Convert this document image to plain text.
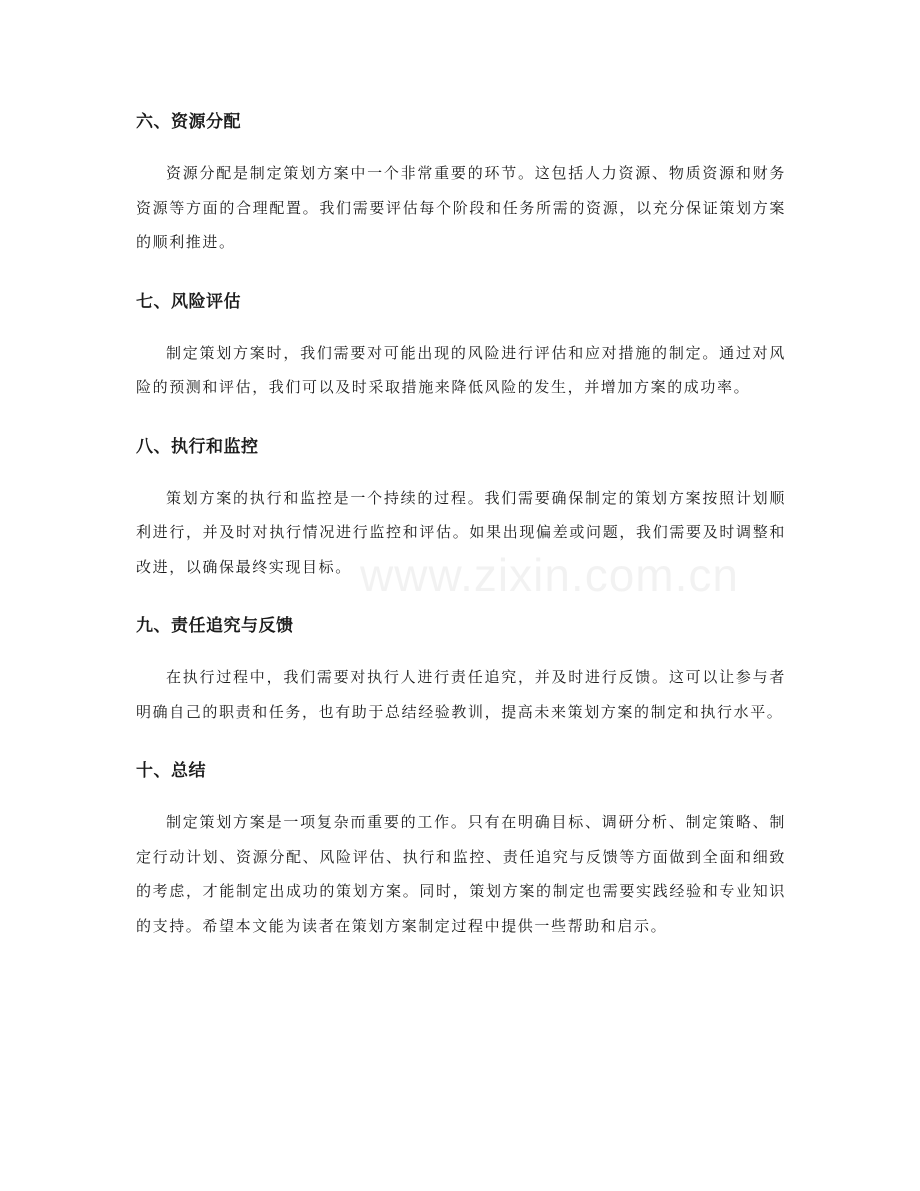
六、资源分配

资源分配是制定策划方案中一个非常重要的环节。这包括人力资源、物质资源和财务资源等方面的合理配置。我们需要评估每个阶段和任务所需的资源，以充分保证策划方案的顺利推进。

七、风险评估

制定策划方案时，我们需要对可能出现的风险进行评估和应对措施的制定。通过对风险的预测和评估，我们可以及时采取措施来降低风险的发生，并增加方案的成功率。

八、执行和监控

策划方案的执行和监控是一个持续的过程。我们需要确保制定的策划方案按照计划顺利进行，并及时对执行情况进行监控和评估。如果出现偏差或问题，我们需要及时调整和改进，以确保最终实现目标。

九、责任追究与反馈

在执行过程中，我们需要对执行人进行责任追究，并及时进行反馈。这可以让参与者明确自己的职责和任务，也有助于总结经验教训，提高未来策划方案的制定和执行水平。

十、总结

制定策划方案是一项复杂而重要的工作。只有在明确目标、调研分析、制定策略、制定行动计划、资源分配、风险评估、执行和监控、责任追究与反馈等方面做到全面和细致的考虑，才能制定出成功的策划方案。同时，策划方案的制定也需要实践经验和专业知识的支持。希望本文能为读者在策划方案制定过程中提供一些帮助和启示。

www.zixin.com.cn
